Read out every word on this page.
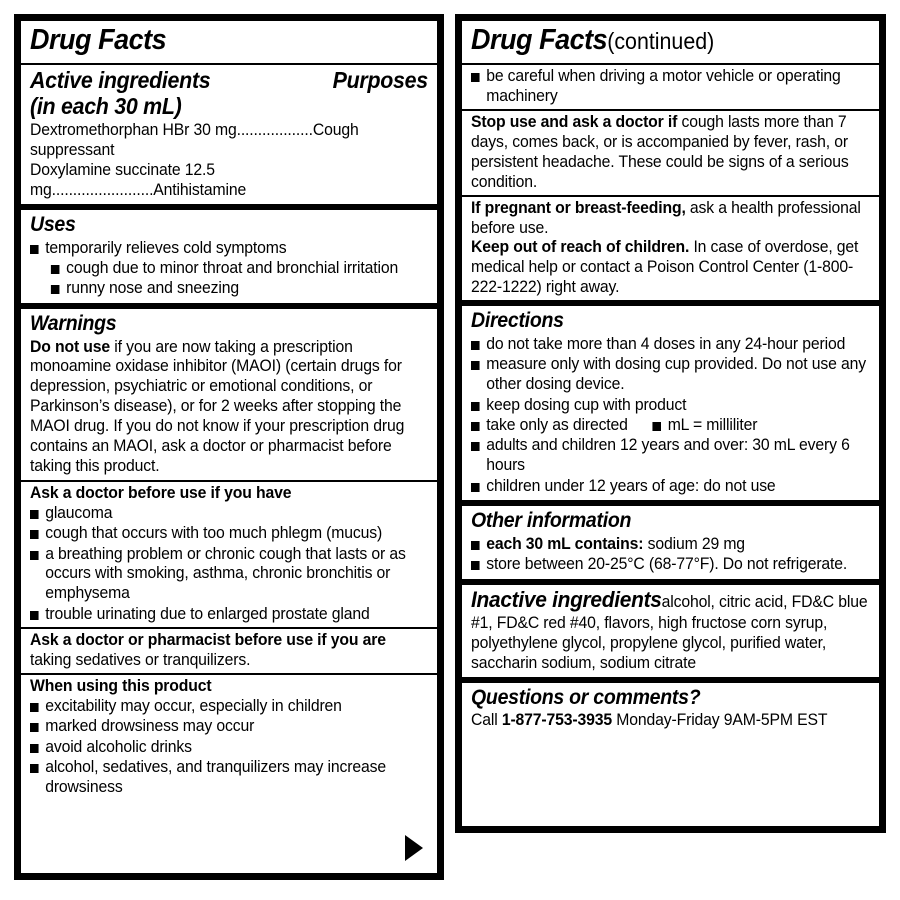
Drug Facts
Active ingredients	Purposes
(in each 30 mL)
Dextromethorphan HBr 30 mg..................Cough suppressant
Doxylamine succinate 12.5 mg........................Antihistamine
Uses
temporarily relieves cold symptoms
cough due to minor throat and bronchial irritation
runny nose and sneezing
Warnings
Do not use if you are now taking a prescription monoamine oxidase inhibitor (MAOI) (certain drugs for depression, psychiatric or emotional conditions, or Parkinson’s disease), or for 2 weeks after stopping the MAOI drug. If you do not know if your prescription drug contains an MAOI, ask a doctor or pharmacist before taking this product.
Ask a doctor before use if you have
glaucoma
cough that occurs with too much phlegm (mucus)
a breathing problem or chronic cough that lasts or as occurs with smoking, asthma, chronic bronchitis or emphysema
trouble urinating due to enlarged prostate gland
Ask a doctor or pharmacist before use if you are taking sedatives or tranquilizers.
When using this product
excitability may occur, especially in children
marked drowsiness may occur
avoid alcoholic drinks
alcohol, sedatives, and tranquilizers may increase drowsiness
Drug Facts(continued)
be careful when driving a motor vehicle or operating machinery
Stop use and ask a doctor if cough lasts more than 7 days, comes back, or is accompanied by fever, rash, or persistent headache. These could be signs of a serious condition.
If pregnant or breast-feeding, ask a health professional before use.
Keep out of reach of children. In case of overdose, get medical help or contact a Poison Control Center (1-800-222-1222) right away.
Directions
do not take more than 4 doses in any 24-hour period
measure only with dosing cup provided. Do not use any other dosing device.
keep dosing cup with product
take only as directed mL = milliliter
adults and children 12 years and over: 30 mL every 6 hours
children under 12 years of age: do not use
Other information
each 30 mL contains: sodium 29 mg
store between 20-25°C (68-77°F). Do not refrigerate.
Inactive ingredientsalcohol, citric acid, FD&C blue #1, FD&C red #40, flavors, high fructose corn syrup, polyethylene glycol, propylene glycol, purified water, saccharin sodium, sodium citrate
Questions or comments?
Call 1-877-753-3935 Monday-Friday 9AM-5PM EST
